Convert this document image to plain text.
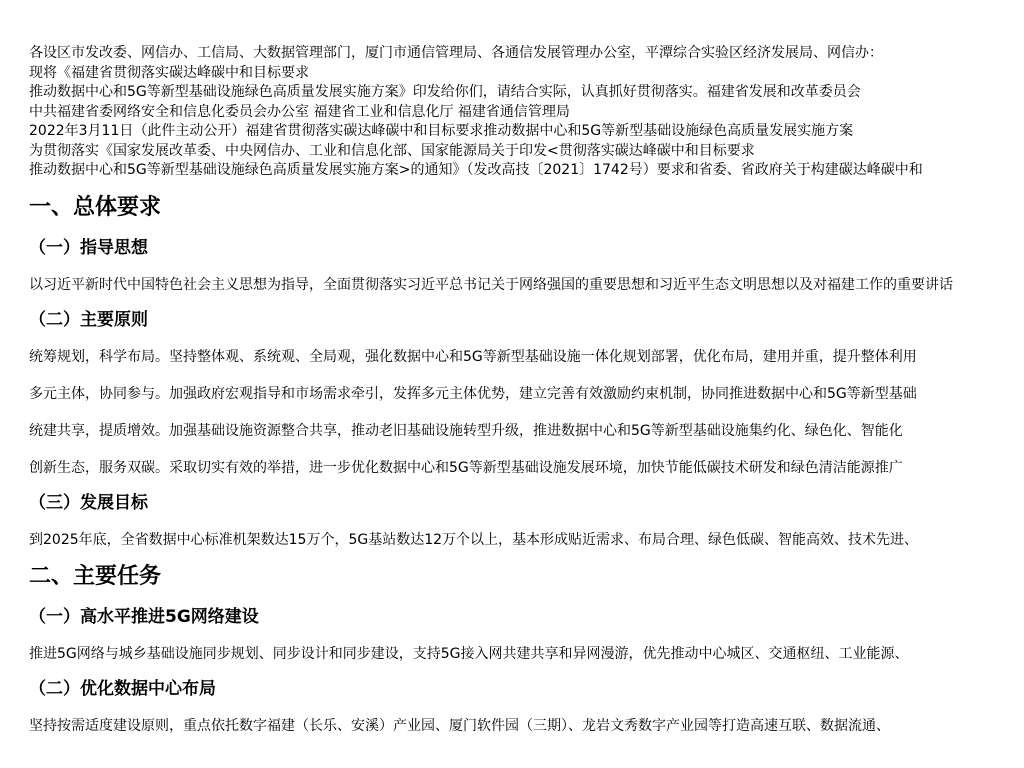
各设区市发改委、网信办、工信局、大数据管理部门，厦门市通信管理局、各通信发展管理办公室，平潭综合实验区经济发展局、网信办：
现将《福建省贯彻落实碳达峰碳中和目标要求
推动数据中心和5G等新型基础设施绿色高质量发展实施方案》印发给你们，请结合实际，认真抓好贯彻落实。福建省发展和改革委员会
中共福建省委网络安全和信息化委员会办公室 福建省工业和信息化厅 福建省通信管理局
2022年3月11日（此件主动公开）福建省贯彻落实碳达峰碳中和目标要求推动数据中心和5G等新型基础设施绿色高质量发展实施方案
为贯彻落实《国家发展改革委、中央网信办、工业和信息化部、国家能源局关于印发<贯彻落实碳达峰碳中和目标要求
推动数据中心和5G等新型基础设施绿色高质量发展实施方案>的通知》（发改高技〔2021〕1742号）要求和省委、省政府关于构建碳达峰碳中和
一、总体要求
（一）指导思想

以习近平新时代中国特色社会主义思想为指导，全面贯彻落实习近平总书记关于网络强国的重要思想和习近平生态文明思想以及对福建工作的重要讲话

（二）主要原则

统筹规划，科学布局。坚持整体观、系统观、全局观，强化数据中心和5G等新型基础设施一体化规划部署，优化布局，建用并重，提升整体利用

多元主体，协同参与。加强政府宏观指导和市场需求牵引，发挥多元主体优势，建立完善有效激励约束机制，协同推进数据中心和5G等新型基础

统建共享，提质增效。加强基础设施资源整合共享，推动老旧基础设施转型升级，推进数据中心和5G等新型基础设施集约化、绿色化、智能化

创新生态，服务双碳。采取切实有效的举措，进一步优化数据中心和5G等新型基础设施发展环境，加快节能低碳技术研发和绿色清洁能源推广

（三）发展目标

到2025年底，全省数据中心标准机架数达15万个，5G基站数达12万个以上，基本形成贴近需求、布局合理、绿色低碳、智能高效、技术先进、

二、主要任务
（一）高水平推进5G网络建设

推进5G网络与城乡基础设施同步规划、同步设计和同步建设，支持5G接入网共建共享和异网漫游，优先推动中心城区、交通枢纽、工业能源、

（二）优化数据中心布局

坚持按需适度建设原则，重点依托数字福建（长乐、安溪）产业园、厦门软件园（三期）、龙岩文秀数字产业园等打造高速互联、数据流通、
